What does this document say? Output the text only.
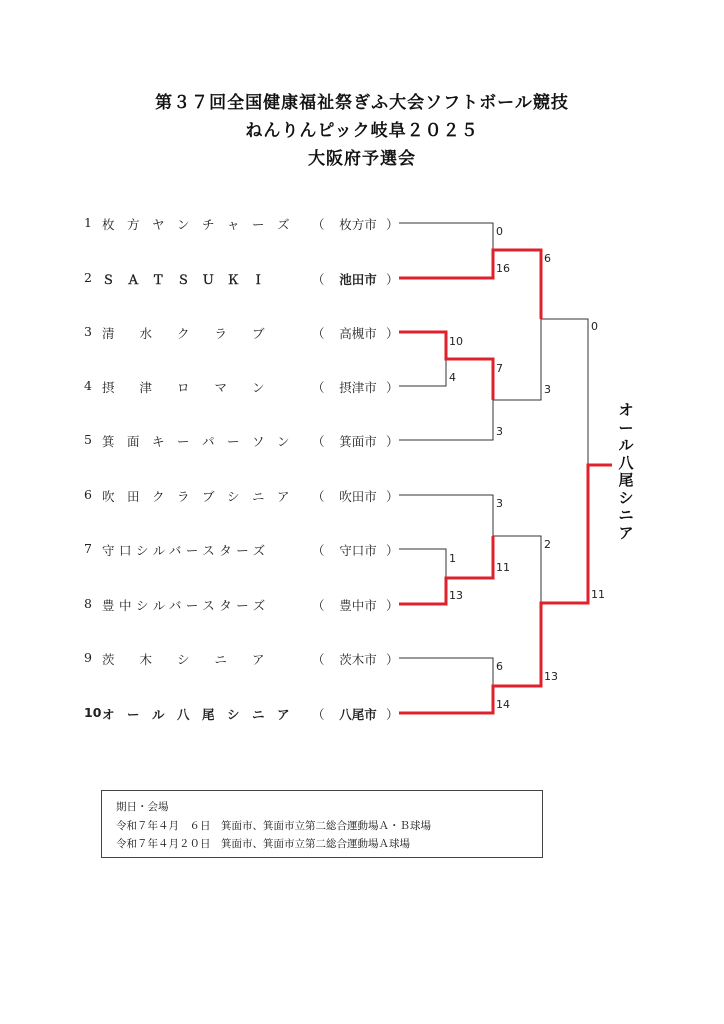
第３７回全国健康福祉祭ぎふ大会ソフトボール競技
ねんりんピック岐阜２０２５
大阪府予選会
1 枚　方　ヤ　ン　チ　ャ　ー　ズ	（	枚方市 ）
2 Ｓ　Ａ　Ｔ　Ｓ　Ｕ　Ｋ　Ｉ	（	池田市 ）
3 清　　水　　ク　　ラ　　ブ	（	高槻市 ）
4 摂　　津　　ロ　　マ　　ン	（	摂津市 ）
5 箕　面　キ　ー　パ　ー　ソ　ン	（	箕面市 ）
6 吹　田　ク　ラ　ブ　シ　ニ　ア	（	吹田市 ）
7 守口シルバースターズ	（	守口市 ）
8 豊中シルバースターズ	（	豊中市 ）
9 茨　　木　　シ　　ニ　　ア	（	茨木市 ）
10 オ　ー　ル　八　尾　シ　ニ　ア	（	八尾市 ）
0
16
10
4
7
3
6
3
0
3
1
13
11
2
11
6
14
13
オール八尾シニア
期日・会場
令和７年４月　６日　箕面市、箕面市立第二総合運動場Ａ・Ｂ球場
令和７年４月２０日　箕面市、箕面市立第二総合運動場Ａ球場
